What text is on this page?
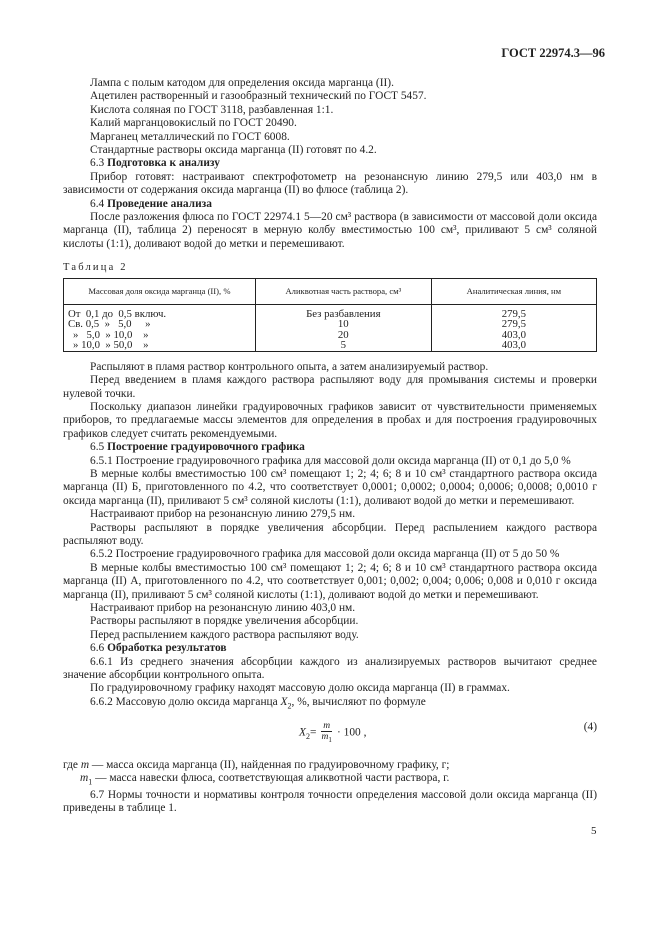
ГОСТ 22974.3—96

Лампа с полым катодом для определения оксида марганца (II).

Ацетилен растворенный и газообразный технический по ГОСТ 5457.

Кислота соляная по ГОСТ 3118, разбавленная 1:1.

Калий марганцовокислый по ГОСТ 20490.

Марганец металлический по ГОСТ 6008.

Стандартные растворы оксида марганца (II) готовят по 4.2.

6.3 Подготовка к анализу

Прибор готовят: настраивают спектрофотометр на резонансную линию 279,5 или 403,0 нм в зависимости от содержания оксида марганца (II) во флюсе (таблица 2).

6.4 Проведение анализа

После разложения флюса по ГОСТ 22974.1 5—20 см³ раствора (в зависимости от массовой доли оксида марганца (II), таблица 2) переносят в мерную колбу вместимостью 100 см³, приливают 5 см³ соляной кислоты (1:1), доливают водой до метки и перемешивают.

Таблица 2

Массовая доля оксида марганца (II), %	Аликвотная часть раствора, см³	Аналитическая линия, нм
От  0,1 до  0,5 включ.	Без разбавления	279,5
Св. 0,5  »   5,0     »	10	279,5
»   5,0  » 10,0    »	20	403,0
» 10,0  » 50,0    »	5	403,0

Распыляют в пламя раствор контрольного опыта, а затем анализируемый раствор.

Перед введением в пламя каждого раствора распыляют воду для промывания системы и проверки нулевой точки.

Поскольку диапазон линейки градуировочных графиков зависит от чувствительности применяемых приборов, то предлагаемые массы элементов для определения в пробах и для построения градуировочных графиков следует считать рекомендуемыми.

6.5 Построение градуировочного графика

6.5.1 Построение градуировочного графика для массовой доли оксида марганца (II) от 0,1 до 5,0 %

В мерные колбы вместимостью 100 см³ помещают 1; 2; 4; 6; 8 и 10 см³ стандартного раствора оксида марганца (II) Б, приготовленного по 4.2, что соответствует 0,0001; 0,0002; 0,0004; 0,0006; 0,0008; 0,0010 г оксида марганца (II), приливают 5 см³ соляной кислоты (1:1), доливают водой до метки и перемешивают.

Настраивают прибор на резонансную линию 279,5 нм.

Растворы распыляют в порядке увеличения абсорбции. Перед распылением каждого раствора распыляют воду.

6.5.2 Построение градуировочного графика для массовой доли оксида марганца (II) от 5 до 50 %

В мерные колбы вместимостью 100 см³ помещают 1; 2; 4; 6; 8 и 10 см³ стандартного раствора оксида марганца (II) А, приготовленного по 4.2, что соответствует 0,001; 0,002; 0,004; 0,006; 0,008 и 0,010 г оксида марганца (II), приливают 5 см³ соляной кислоты (1:1), доливают водой до метки и перемешивают.

Настраивают прибор на резонансную линию 403,0 нм.

Растворы распыляют в порядке увеличения абсорбции.

Перед распылением каждого раствора распыляют воду.

6.6 Обработка результатов

6.6.1 Из среднего значения абсорбции каждого из анализируемых растворов вычитают среднее значение абсорбции контрольного опыта.

По градуировочному графику находят массовую долю оксида марганца (II) в граммах.

6.6.2 Массовую долю оксида марганца $X_2$, %, вычисляют по формуле

$X_2= \frac{m}{m_1} \cdot 100$ ,	(4)

где m — масса оксида марганца (II), найденная по градуировочному графику, г;

$m_1$ — масса навески флюса, соответствующая аликвотной части раствора, г.

6.7 Нормы точности и нормативы контроля точности определения массовой доли оксида марганца (II) приведены в таблице 1.

5
